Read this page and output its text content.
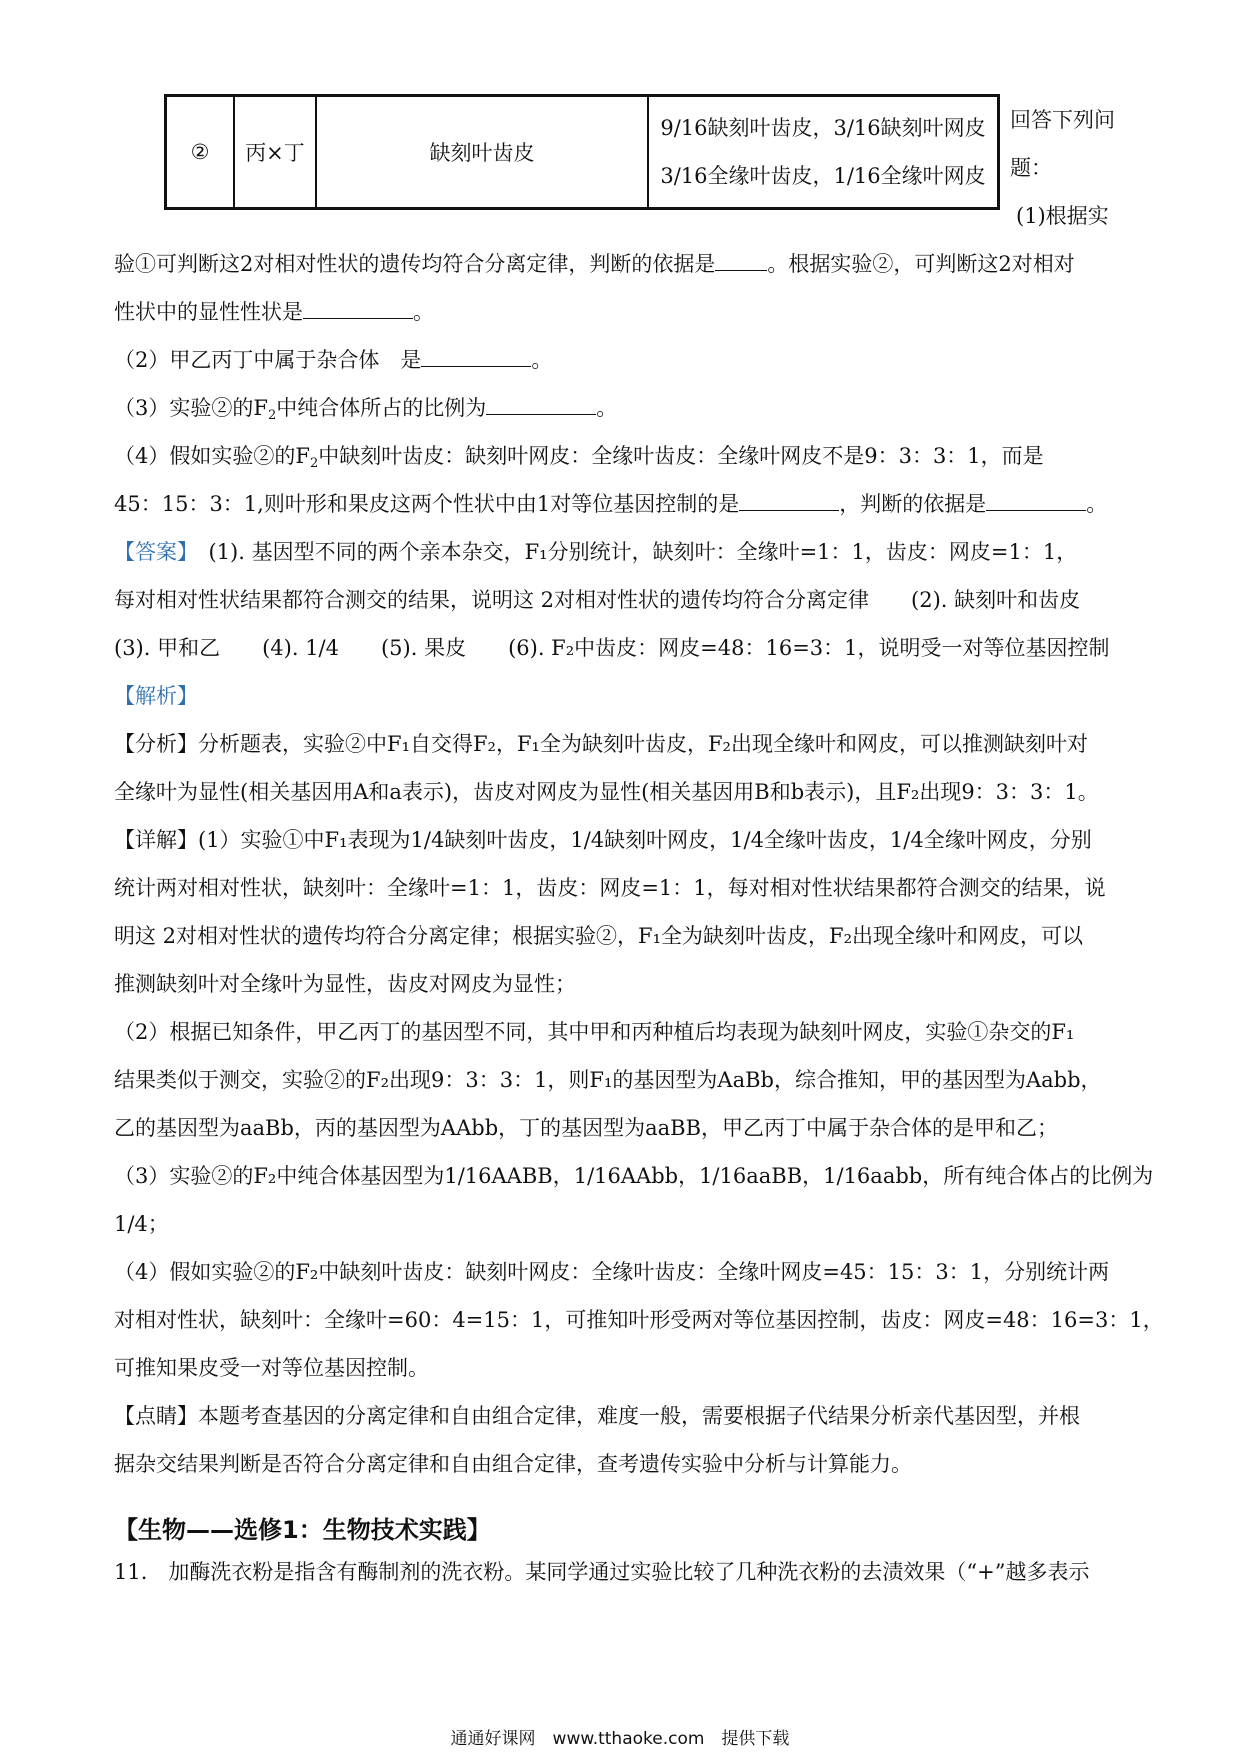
②	丙×丁	缺刻叶齿皮
9/16缺刻叶齿皮，3/16缺刻叶网皮
3/16全缘叶齿皮，1/16全缘叶网皮
回答下列问
题：
(1)根据实
验①可判断这2对相对性状的遗传均符合分离定律，判断的依据是 。根据实验②，可判断这2对相对
性状中的显性性状是	。
（2）甲乙丙丁中属于杂合体　是	。
（3）实验②的$F_2$中纯合体所占的比例为	。
（4）假如实验②的$F_2$中缺刻叶齿皮：缺刻叶网皮：全缘叶齿皮：全缘叶网皮不是9：3：3：1，而是
45：15：3：1,则叶形和果皮这两个性状中由1对等位基因控制的是	，判断的依据是	。
【答案】　(1). 基因型不同的两个亲本杂交，F₁分别统计，缺刻叶：全缘叶=1：1，齿皮：网皮=1：1，
每对相对性状结果都符合测交的结果，说明这 2对相对性状的遗传均符合分离定律　　(2). 缺刻叶和齿皮
(3). 甲和乙　　(4). 1/4　　(5). 果皮　　(6). F₂中齿皮：网皮=48：16=3：1，说明受一对等位基因控制
【解析】
【分析】分析题表，实验②中F₁自交得F₂，F₁全为缺刻叶齿皮，F₂出现全缘叶和网皮，可以推测缺刻叶对
全缘叶为显性(相关基因用A和a表示)，齿皮对网皮为显性(相关基因用B和b表示)，且F₂出现9：3：3：1。
【详解】(1）实验①中F₁表现为1/4缺刻叶齿皮，1/4缺刻叶网皮，1/4全缘叶齿皮，1/4全缘叶网皮，分别
统计两对相对性状，缺刻叶：全缘叶=1：1，齿皮：网皮=1：1，每对相对性状结果都符合测交的结果，说
明这 2对相对性状的遗传均符合分离定律；根据实验②，F₁全为缺刻叶齿皮，F₂出现全缘叶和网皮，可以
推测缺刻叶对全缘叶为显性，齿皮对网皮为显性；
（2）根据已知条件，甲乙丙丁的基因型不同，其中甲和丙种植后均表现为缺刻叶网皮，实验①杂交的F₁
结果类似于测交，实验②的F₂出现9：3：3：1，则F₁的基因型为AaBb，综合推知，甲的基因型为Aabb，
乙的基因型为aaBb，丙的基因型为AAbb，丁的基因型为aaBB，甲乙丙丁中属于杂合体的是甲和乙；
（3）实验②的F₂中纯合体基因型为1/16AABB，1/16AAbb，1/16aaBB，1/16aabb，所有纯合体占的比例为
1/4；
（4）假如实验②的F₂中缺刻叶齿皮：缺刻叶网皮：全缘叶齿皮：全缘叶网皮=45：15：3：1，分别统计两
对相对性状，缺刻叶：全缘叶=60：4=15：1，可推知叶形受两对等位基因控制，齿皮：网皮=48：16=3：1，
可推知果皮受一对等位基因控制。
【点睛】本题考查基因的分离定律和自由组合定律，难度一般，需要根据子代结果分析亲代基因型，并根
据杂交结果判断是否符合分离定律和自由组合定律，查考遗传实验中分析与计算能力。
【生物——选修1：生物技术实践】
11.　加酶洗衣粉是指含有酶制剂的洗衣粉。某同学通过实验比较了几种洗衣粉的去渍效果（“+”越多表示
通通好课网　www.tthaoke.com　提供下载
